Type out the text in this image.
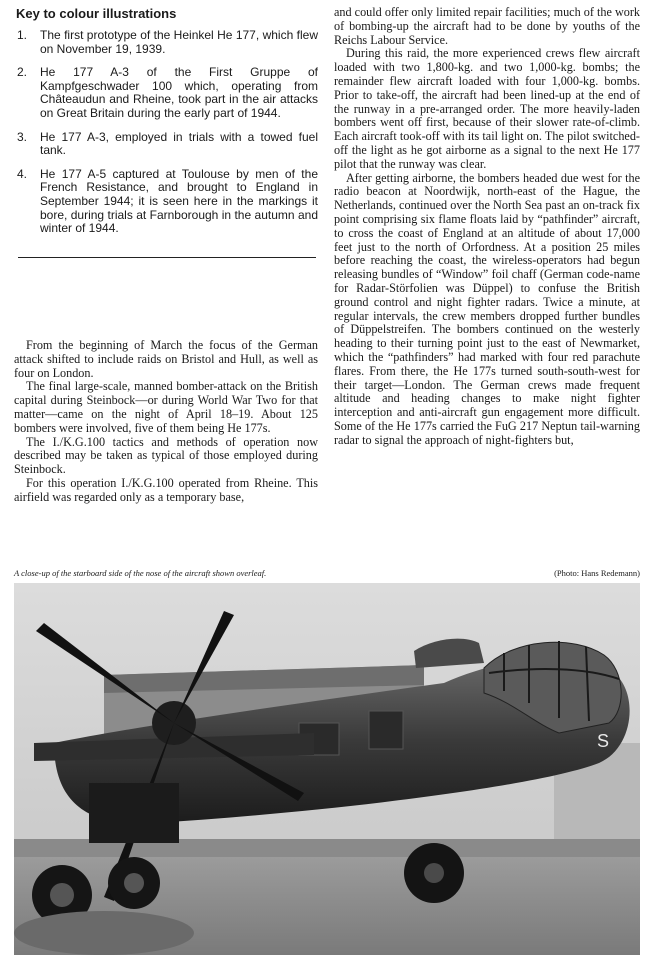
Key to colour illustrations
1.	The first prototype of the Heinkel He 177, which flew on November 19, 1939.
2.	He 177 A-3 of the First Gruppe of Kampfgeschwader 100 which, operating from Châteaudun and Rheine, took part in the air attacks on Great Britain during the early part of 1944.
3.	He 177 A-3, employed in trials with a towed fuel tank.
4.	He 177 A-5 captured at Toulouse by men of the French Resistance, and brought to England in September 1944; it is seen here in the markings it bore, during trials at Farnborough in the autumn and winter of 1944.

From the beginning of March the focus of the German attack shifted to include raids on Bristol and Hull, as well as four on London.

The final large-scale, manned bomber-attack on the British capital during Steinbock—or during World War Two for that matter—came on the night of April 18–19. About 125 bombers were involved, five of them being He 177s.

The I./K.G.100 tactics and methods of operation now described may be taken as typical of those employed during Steinbock.

For this operation I./K.G.100 operated from Rheine. This airfield was regarded only as a temporary base,

and could offer only limited repair facilities; much of the work of bombing-up the aircraft had to be done by youths of the Reichs Labour Service.

During this raid, the more experienced crews flew aircraft loaded with two 1,800-kg. and two 1,000-kg. bombs; the remainder flew aircraft loaded with four 1,000-kg. bombs. Prior to take-off, the aircraft had been lined-up at the end of the runway in a pre-arranged order. The more heavily-laden bombers went off first, because of their slower rate-of-climb. Each aircraft took-off with its tail light on. The pilot switched-off the light as he got airborne as a signal to the next He 177 pilot that the runway was clear.

After getting airborne, the bombers headed due west for the radio beacon at Noordwijk, north-east of the Hague, the Netherlands, continued over the North Sea past an on-track fix point comprising six flame floats laid by “pathfinder” aircraft, to cross the coast of England at an altitude of about 17,000 feet just to the north of Orfordness. At a position 25 miles before reaching the coast, the wireless-operators had begun releasing bundles of “Window” foil chaff (German code-name for Radar-Störfolien was Düppel) to confuse the British ground control and night fighter radars. Twice a minute, at regular intervals, the crew members dropped further bundles of Düppelstreifen. The bombers continued on the westerly heading to their turning point just to the east of Newmarket, which the “pathfinders” had marked with four red parachute flares. From there, the He 177s turned south-south-west for their target—London. The German crews made frequent altitude and heading changes to make night fighter interception and anti-aircraft gun engagement more difficult. Some of the He 177s carried the FuG 217 Neptun tail-warning radar to signal the approach of night-fighters but,

A close-up of the starboard side of the nose of the aircraft shown overleaf.	(Photo: Hans Redemann)
S
